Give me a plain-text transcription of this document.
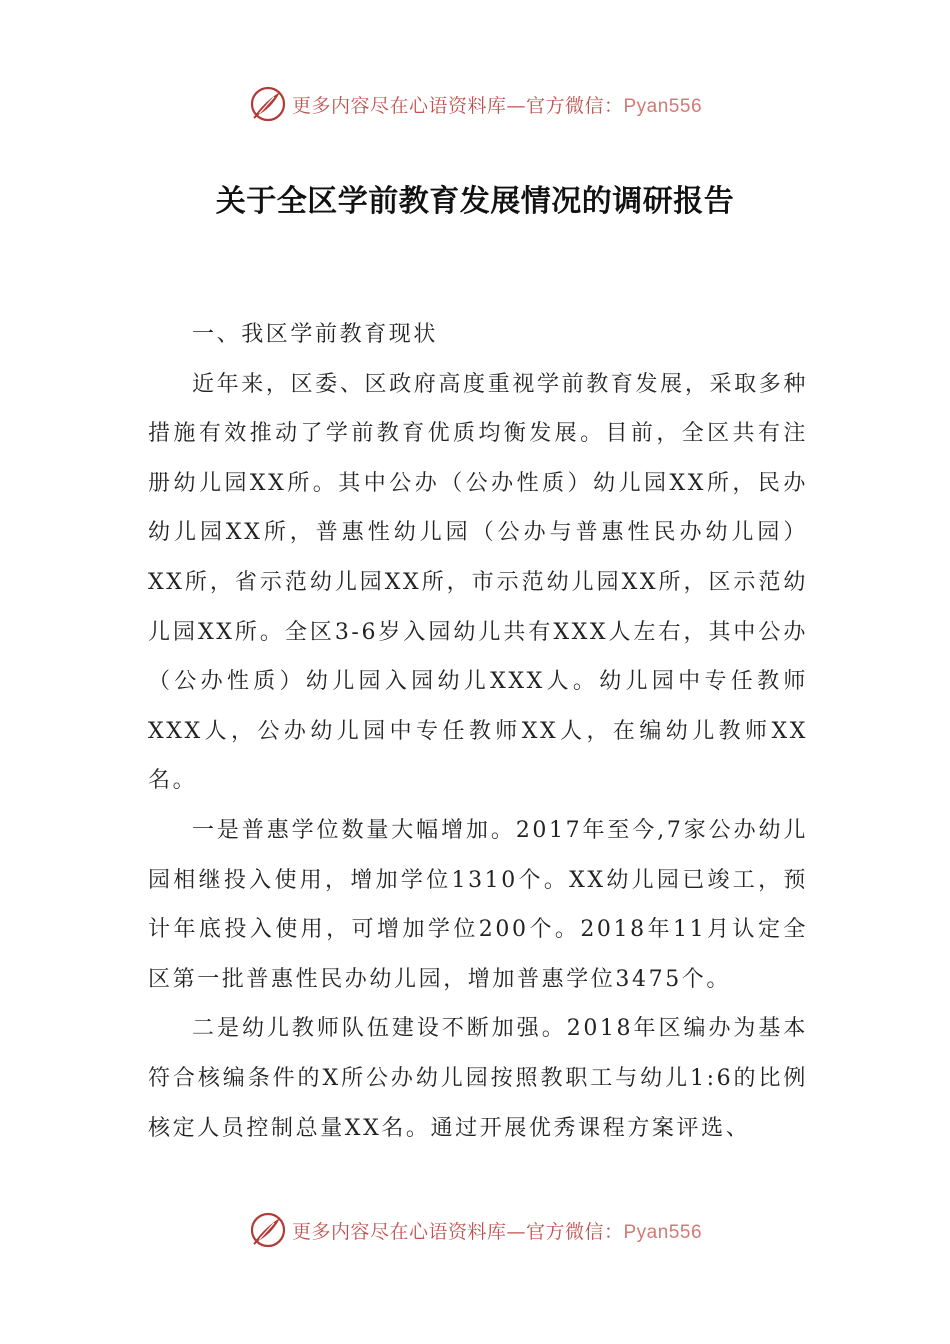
更多内容尽在心语资料库—官方微信：Pyan556
关于全区学前教育发展情况的调研报告

一、我区学前教育现状

近年来，区委、区政府高度重视学前教育发展，采取多种措施有效推动了学前教育优质均衡发展。目前，全区共有注册幼儿园XX所。其中公办（公办性质）幼儿园XX所，民办幼儿园XX所，普惠性幼儿园（公办与普惠性民办幼儿园）XX所，省示范幼儿园XX所，市示范幼儿园XX所，区示范幼儿园XX所。全区3-6岁入园幼儿共有XXX人左右，其中公办（公办性质）幼儿园入园幼儿XXX人。幼儿园中专任教师XXX人，公办幼儿园中专任教师XX人，在编幼儿教师XX名。

一是普惠学位数量大幅增加。2017年至今,7家公办幼儿园相继投入使用，增加学位1310个。XX幼儿园已竣工，预计年底投入使用，可增加学位200个。2018年11月认定全区第一批普惠性民办幼儿园，增加普惠学位3475个。

二是幼儿教师队伍建设不断加强。2018年区编办为基本符合核编条件的X所公办幼儿园按照教职工与幼儿1:6的比例核定人员控制总量XX名。通过开展优秀课程方案评选、

更多内容尽在心语资料库—官方微信：Pyan556
